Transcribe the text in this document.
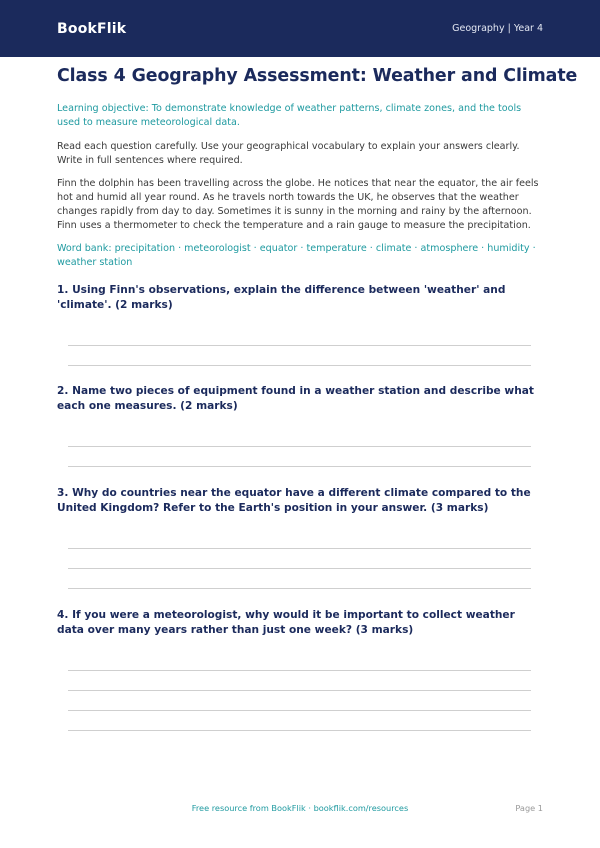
BookFlik	Geography | Year 4
Class 4 Geography Assessment: Weather and Climate
Learning objective: To demonstrate knowledge of weather patterns, climate zones, and the tools used to measure meteorological data.
Read each question carefully. Use your geographical vocabulary to explain your answers clearly. Write in full sentences where required.
Finn the dolphin has been travelling across the globe. He notices that near the equator, the air feels hot and humid all year round. As he travels north towards the UK, he observes that the weather changes rapidly from day to day. Sometimes it is sunny in the morning and rainy by the afternoon. Finn uses a thermometer to check the temperature and a rain gauge to measure the precipitation.
Word bank: precipitation · meteorologist · equator · temperature · climate · atmosphere · humidity · weather station
1. Using Finn's observations, explain the difference between 'weather' and 'climate'. (2 marks)
2. Name two pieces of equipment found in a weather station and describe what each one measures. (2 marks)
3. Why do countries near the equator have a different climate compared to the United Kingdom? Refer to the Earth's position in your answer. (3 marks)
4. If you were a meteorologist, why would it be important to collect weather data over many years rather than just one week? (3 marks)
Free resource from BookFlik · bookflik.com/resources	Page 1
